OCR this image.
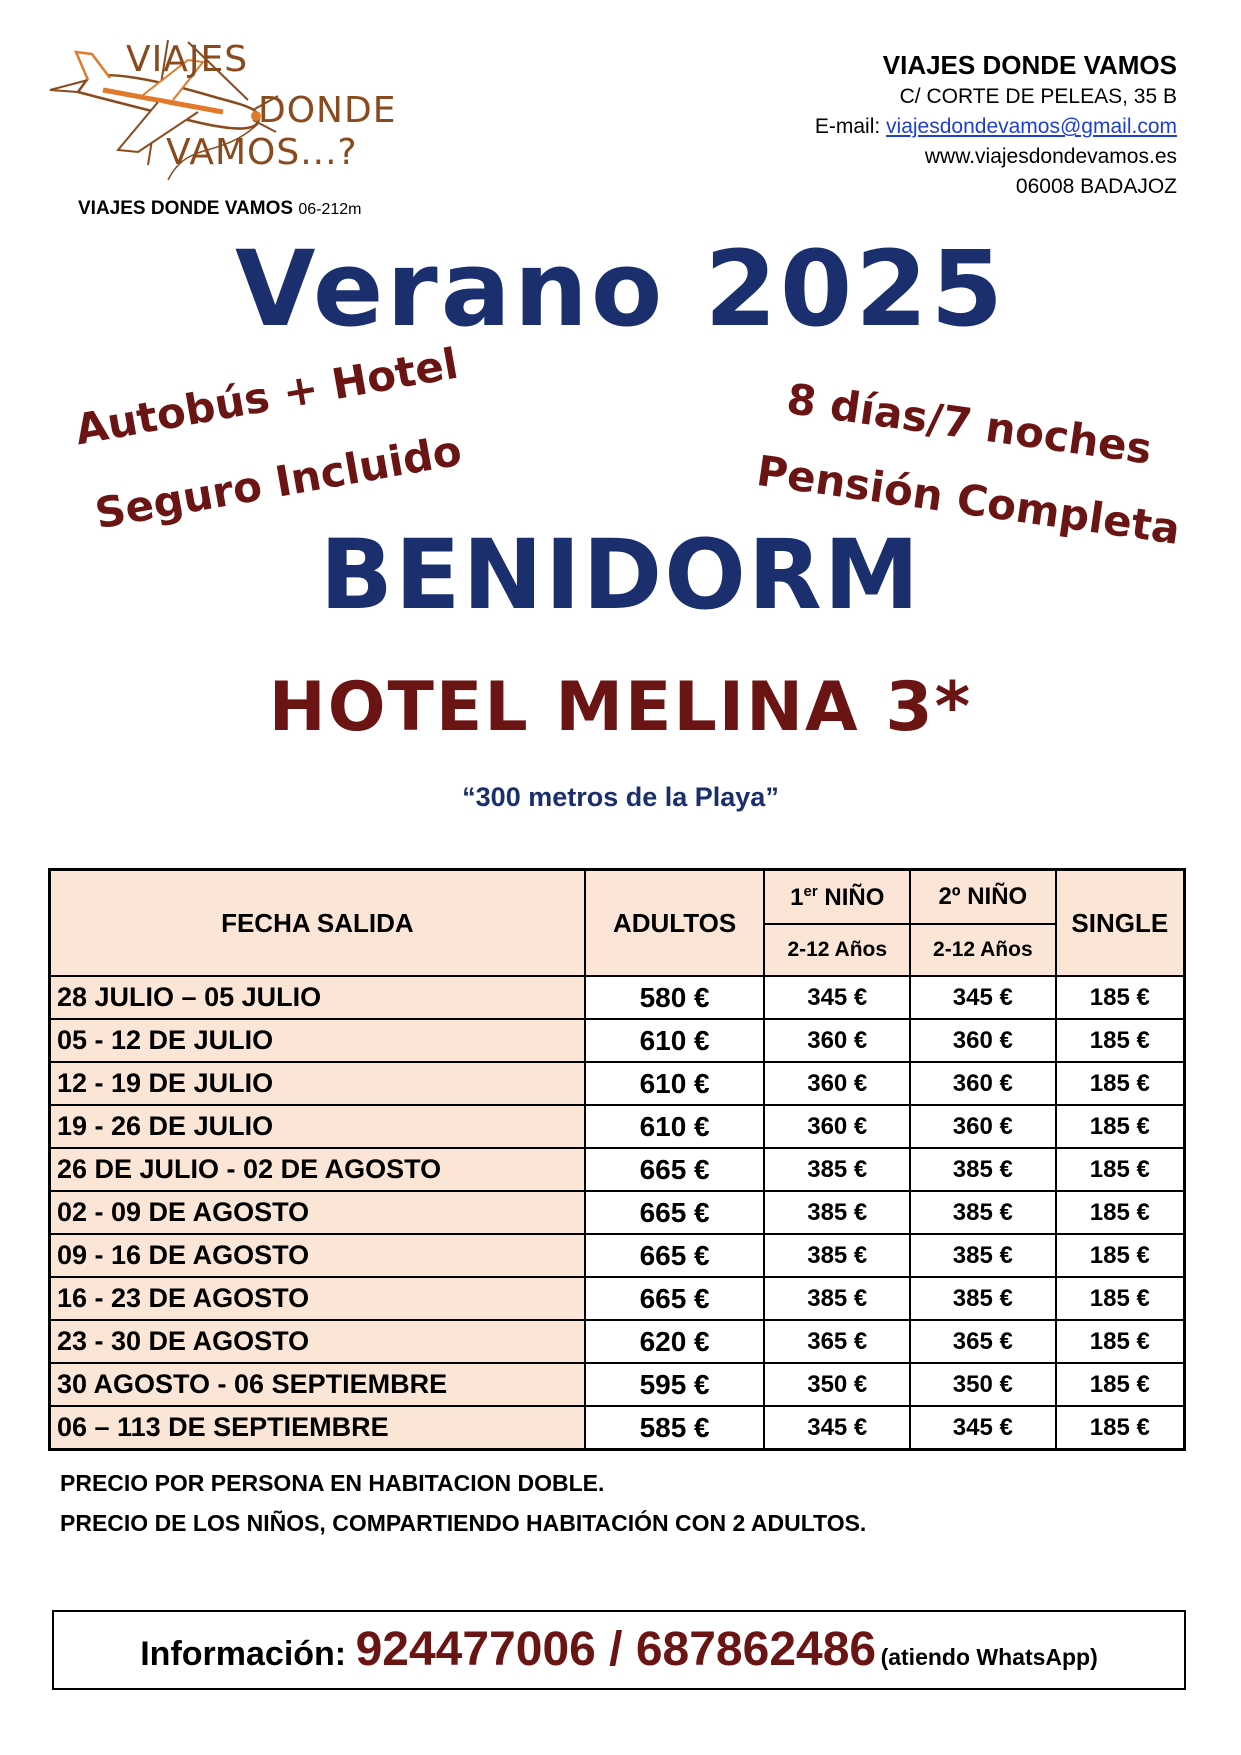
VIAJES
DONDE
VAMOS...?
VIAJES DONDE VAMOS 06-212m
VIAJES DONDE VAMOS
C/ CORTE DE PELEAS, 35 B
E-mail: viajesdondevamos@gmail.com
www.viajesdondevamos.es
06008 BADAJOZ
Verano 2025
Autobús + Hotel
Seguro Incluido
8 días/7 noches
Pensión Completa
BENIDORM
HOTEL MELINA 3*
“300 metros de la Playa”
FECHA SALIDA	ADULTOS	1er NIÑO	2º NIÑO	SINGLE
		2-12 Años	2-12 Años	
28 JULIO – 05 JULIO	580 €	345 €	345 €	185 €
05 - 12 DE JULIO	610 €	360 €	360 €	185 €
12 - 19 DE JULIO	610 €	360 €	360 €	185 €
19 - 26 DE JULIO	610 €	360 €	360 €	185 €
26 DE JULIO - 02 DE AGOSTO	665 €	385 €	385 €	185 €
02 - 09 DE AGOSTO	665 €	385 €	385 €	185 €
09 - 16 DE AGOSTO	665 €	385 €	385 €	185 €
16 - 23 DE AGOSTO	665 €	385 €	385 €	185 €
23 - 30 DE AGOSTO	620 €	365 €	365 €	185 €
30 AGOSTO - 06 SEPTIEMBRE	595 €	350 €	350 €	185 €
06 – 113 DE SEPTIEMBRE	585 €	345 €	345 €	185 €
PRECIO POR PERSONA EN HABITACION DOBLE.
PRECIO DE LOS NIÑOS, COMPARTIENDO HABITACIÓN CON 2 ADULTOS.
Información: 924477006 / 687862486 (atiendo WhatsApp)
